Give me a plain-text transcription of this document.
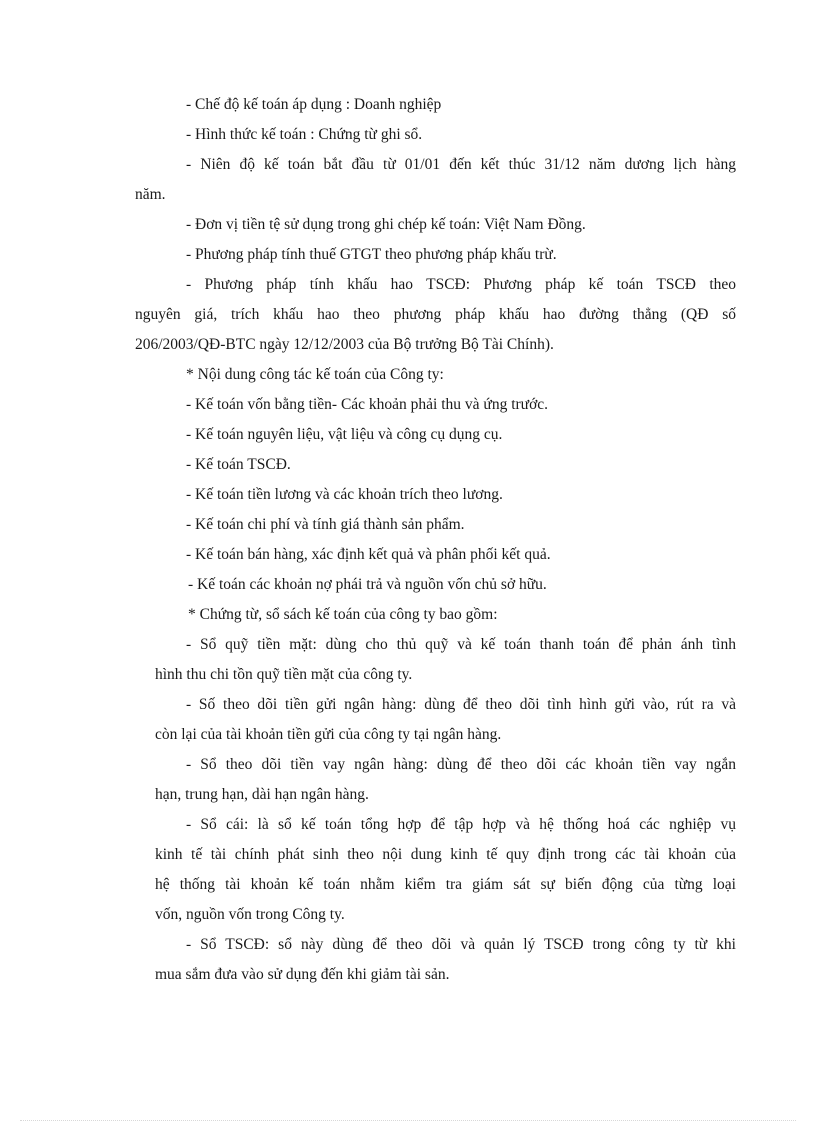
- Chế độ kế toán áp dụng : Doanh nghiệp
- Hình thức kế toán : Chứng từ ghi sổ.
- Niên độ kế toán bắt đầu từ 01/01 đến kết thúc 31/12 năm dương lịch hàng
năm.
- Đơn vị tiền tệ sử dụng trong ghi chép kế toán: Việt Nam Đồng.
- Phương pháp tính thuế GTGT theo phương pháp khấu trừ.
- Phương pháp tính khấu hao TSCĐ: Phương pháp kế toán TSCĐ theo
nguyên giá, trích khấu hao theo phương pháp khấu hao đường thẳng (QĐ số
206/2003/QĐ-BTC ngày 12/12/2003 của Bộ trưởng Bộ Tài Chính).
* Nội dung công tác kế toán của Công ty:
- Kế toán vốn bằng tiền- Các khoản phải thu và ứng trước.
- Kế toán nguyên liệu, vật liệu và công cụ dụng cụ.
- Kế toán TSCĐ.
- Kế toán tiền lương và các khoản trích theo lương.
- Kế toán chi phí và tính giá thành sản phẩm.
- Kế toán bán hàng, xác định kết quả và phân phối kết quả.
- Kế toán các khoản nợ phái trả và nguồn vốn chủ sở hữu.
* Chứng từ, sổ sách kế toán của công ty bao gồm:
- Sổ quỹ tiền mặt: dùng cho thủ quỹ và kế toán thanh toán để phản ánh tình
hình thu chi tồn quỹ tiền mặt của công ty.
- Số theo dõi tiền gửi ngân hàng: dùng để theo dõi tình hình gửi vào, rút ra và
còn lại của tài khoản tiền gửi của công ty tại ngân hàng.
- Sổ theo dõi tiền vay ngân hàng: dùng để theo dõi các khoản tiền vay ngắn
hạn, trung hạn, dài hạn ngân hàng.
- Sổ cái: là sổ kế toán tổng hợp để tập hợp và hệ thống hoá các nghiệp vụ
kinh tế tài chính phát sinh theo nội dung kinh tế quy định trong các tài khoản của
hệ thống tài khoản kế toán nhằm kiểm tra giám sát sự biến động của từng loại
vốn, nguồn vốn trong Công ty.
- Sổ TSCĐ: sổ này dùng để theo dõi và quản lý TSCĐ trong công ty từ khi
mua sắm đưa vào sử dụng đến khi giảm tài sản.
